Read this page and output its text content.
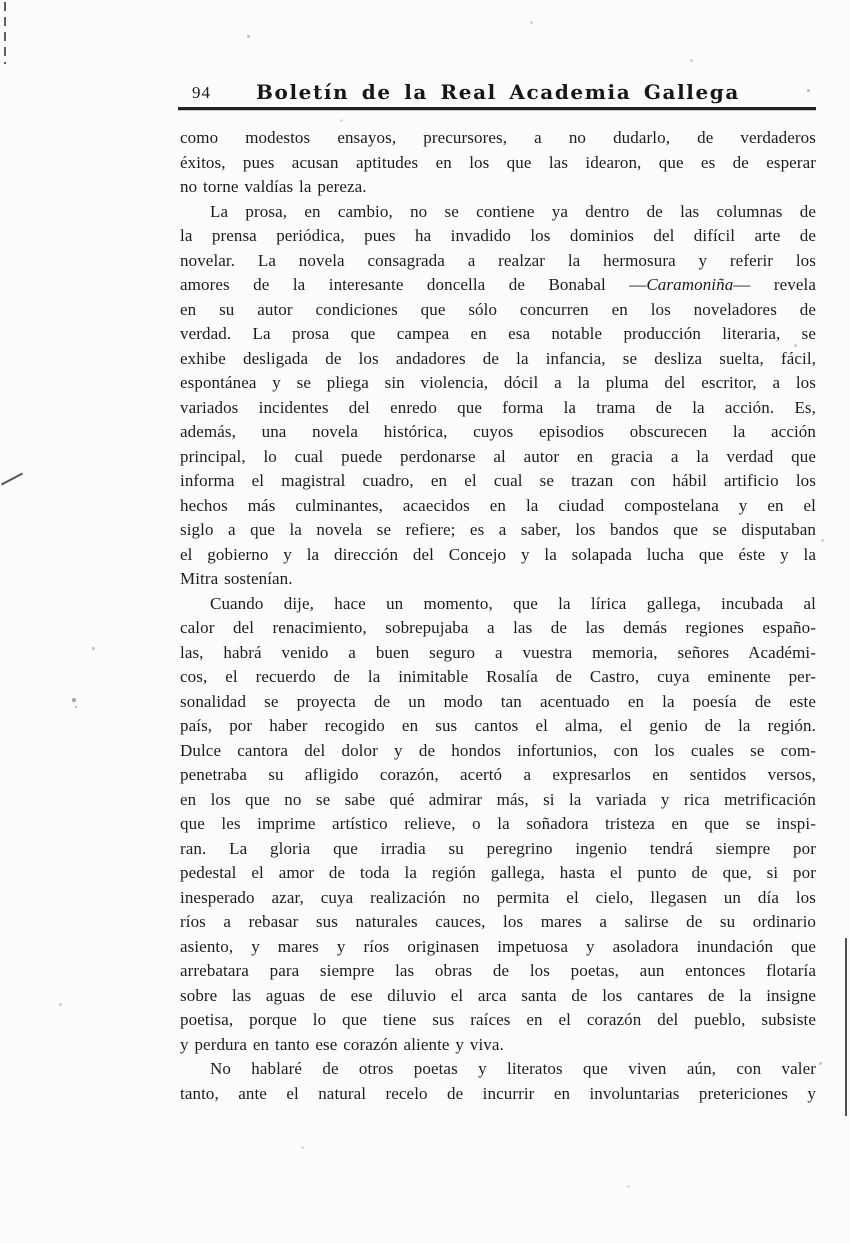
94	Boletín de la Real Academia Gallega
como modestos ensayos, precursores, a no dudarlo, de verdaderos
éxitos, pues acusan aptitudes en los que las idearon, que es de esperar
no torne valdías la pereza.
La prosa, en cambio, no se contiene ya dentro de las columnas de
la prensa periódica, pues ha invadido los dominios del difícil arte de
novelar. La novela consagrada a realzar la hermosura y referir los
amores de la interesante doncella de Bonabal —Caramoniña— revela
en su autor condiciones que sólo concurren en los noveladores de
verdad. La prosa que campea en esa notable producción literaria, se
exhibe desligada de los andadores de la infancia, se desliza suelta, fácil,
espontánea y se pliega sin violencia, dócil a la pluma del escritor, a los
variados incidentes del enredo que forma la trama de la acción. Es,
además, una novela histórica, cuyos episodios obscurecen la acción
principal, lo cual puede perdonarse al autor en gracia a la verdad que
informa el magistral cuadro, en el cual se trazan con hábil artificio los
hechos más culminantes, acaecidos en la ciudad compostelana y en el
siglo a que la novela se refiere; es a saber, los bandos que se disputaban
el gobierno y la dirección del Concejo y la solapada lucha que éste y la
Mitra sostenían.
Cuando dije, hace un momento, que la lírica gallega, incubada al
calor del renacimiento, sobrepujaba a las de las demás regiones españo-
las, habrá venido a buen seguro a vuestra memoria, señores Académi-
cos, el recuerdo de la inimitable Rosalía de Castro, cuya eminente per-
sonalidad se proyecta de un modo tan acentuado en la poesía de este
país, por haber recogido en sus cantos el alma, el genio de la región.
Dulce cantora del dolor y de hondos infortunios, con los cuales se com-
penetraba su afligido corazón, acertó a expresarlos en sentidos versos,
en los que no se sabe qué admirar más, si la variada y rica metrificación
que les imprime artístico relieve, o la soñadora tristeza en que se inspi-
ran. La gloria que irradia su peregrino ingenio tendrá siempre por
pedestal el amor de toda la región gallega, hasta el punto de que, si por
inesperado azar, cuya realización no permita el cielo, llegasen un día los
ríos a rebasar sus naturales cauces, los mares a salirse de su ordinario
asiento, y mares y ríos originasen impetuosa y asoladora inundación que
arrebatara para siempre las obras de los poetas, aun entonces flotaría
sobre las aguas de ese diluvio el arca santa de los cantares de la insigne
poetisa, porque lo que tiene sus raíces en el corazón del pueblo, subsiste
y perdura en tanto ese corazón aliente y viva.
No hablaré de otros poetas y literatos que viven aún, con valer
tanto, ante el natural recelo de incurrir en involuntarias pretericiones y
